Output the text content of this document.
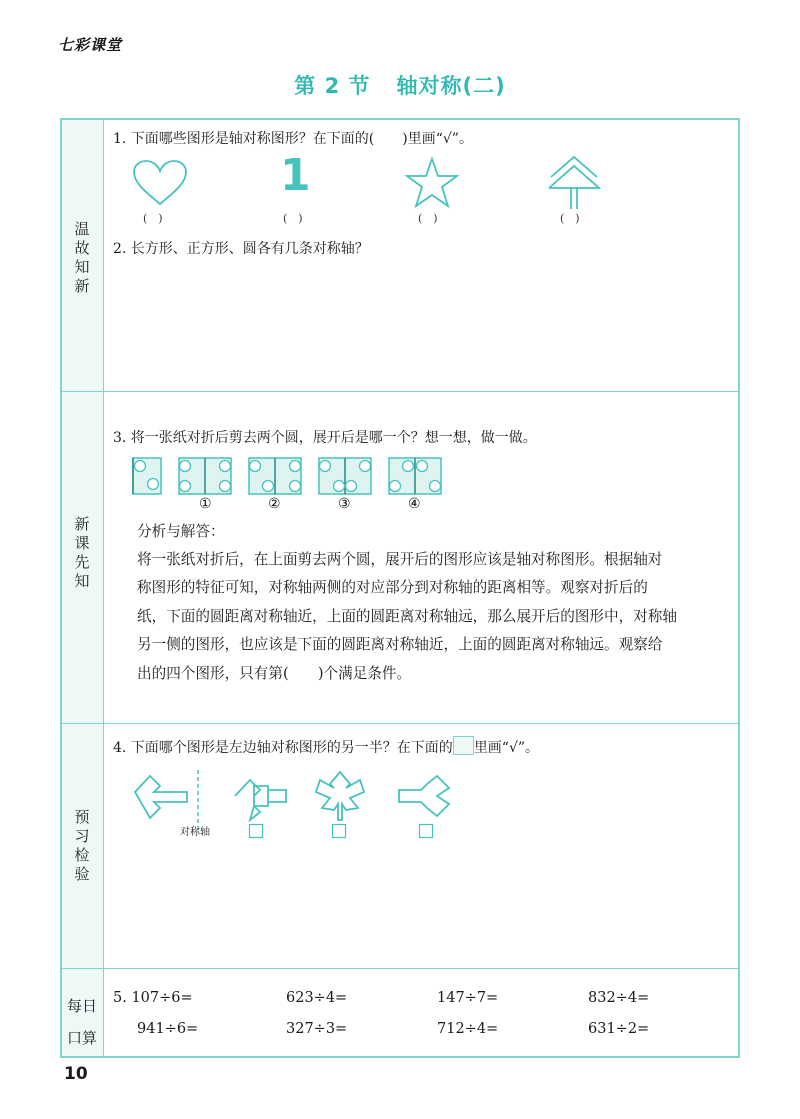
七彩课堂
第 2 节 轴对称(二)
温
故
知
新
新
课
先
知
预
习
检
验
每日
口算
1. 下面哪些图形是轴对称图形？在下面的(　　)里画“√”。
1
(　)	(　)	(　)	(　)
2. 长方形、正方形、圆各有几条对称轴？
3. 将一张纸对折后剪去两个圆，展开后是哪一个？想一想，做一做。
①	②	③	④
分析与解答：
将一张纸对折后，在上面剪去两个圆，展开后的图形应该是轴对称图形。根据轴对
称图形的特征可知，对称轴两侧的对应部分到对称轴的距离相等。观察对折后的
纸，下面的圆距离对称轴近，上面的圆距离对称轴远，那么展开后的图形中，对称轴
另一侧的图形，也应该是下面的圆距离对称轴近，上面的圆距离对称轴远。观察给
出的四个图形，只有第(　　)个满足条件。
4. 下面哪个图形是左边轴对称图形的另一半？在下面的 里画“√”。
对称轴
5. 107÷6=	623÷4=	147÷7=	832÷4=
941÷6=	327÷3=	712÷4=	631÷2=
10
